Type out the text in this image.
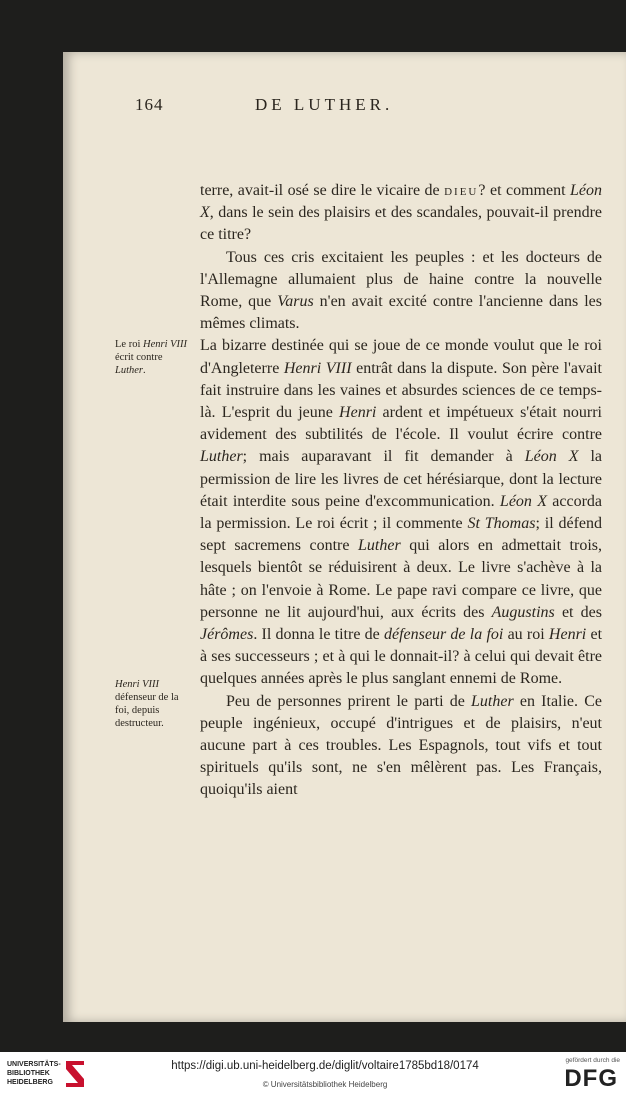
164	DE LUTHER.

terre, avait-il osé se dire le vicaire de dieu? et comment Léon X, dans le sein des plaisirs et des scandales, pouvait-il prendre ce titre?

Tous ces cris excitaient les peuples : et les docteurs de l'Allemagne allumaient plus de haine contre la nouvelle Rome, que Varus n'en avait excité contre l'ancienne dans les mêmes climats.

La bizarre destinée qui se joue de ce monde voulut que le roi d'Angleterre Henri VIII entrât dans la dispute. Son père l'avait fait instruire dans les vaines et absurdes sciences de ce temps-là. L'esprit du jeune Henri ardent et impétueux s'était nourri avidement des subtilités de l'école. Il voulut écrire contre Luther; mais auparavant il fit demander à Léon X la permission de lire les livres de cet hérésiarque, dont la lecture était interdite sous peine d'excommunication. Léon X accorda la permission. Le roi écrit ; il commente St Thomas; il défend sept sacremens contre Luther qui alors en admettait trois, lesquels bientôt se réduisirent à deux. Le livre s'achève à la hâte ; on l'envoie à Rome. Le pape ravi compare ce livre, que personne ne lit aujourd'hui, aux écrits des Augustins et des Jérômes. Il donna le titre de défenseur de la foi au roi Henri et à ses successeurs ; et à qui le donnait-il? à celui qui devait être quelques années après le plus sanglant ennemi de Rome.

Peu de personnes prirent le parti de Luther en Italie. Ce peuple ingénieux, occupé d'intrigues et de plaisirs, n'eut aucune part à ces troubles. Les Espagnols, tout vifs et tout spirituels qu'ils sont, ne s'en mêlèrent pas. Les Français, quoiqu'ils aient

Le roi Henri VIII écrit contre Luther.
Henri VIII défenseur de la foi, depuis destructeur.
UNIVERSITÄTS-
BIBLIOTHEK
HEIDELBERG
https://digi.ub.uni-heidelberg.de/diglit/voltaire1785bd18/0174
© Universitätsbibliothek Heidelberg
gefördert durch die
DFG
